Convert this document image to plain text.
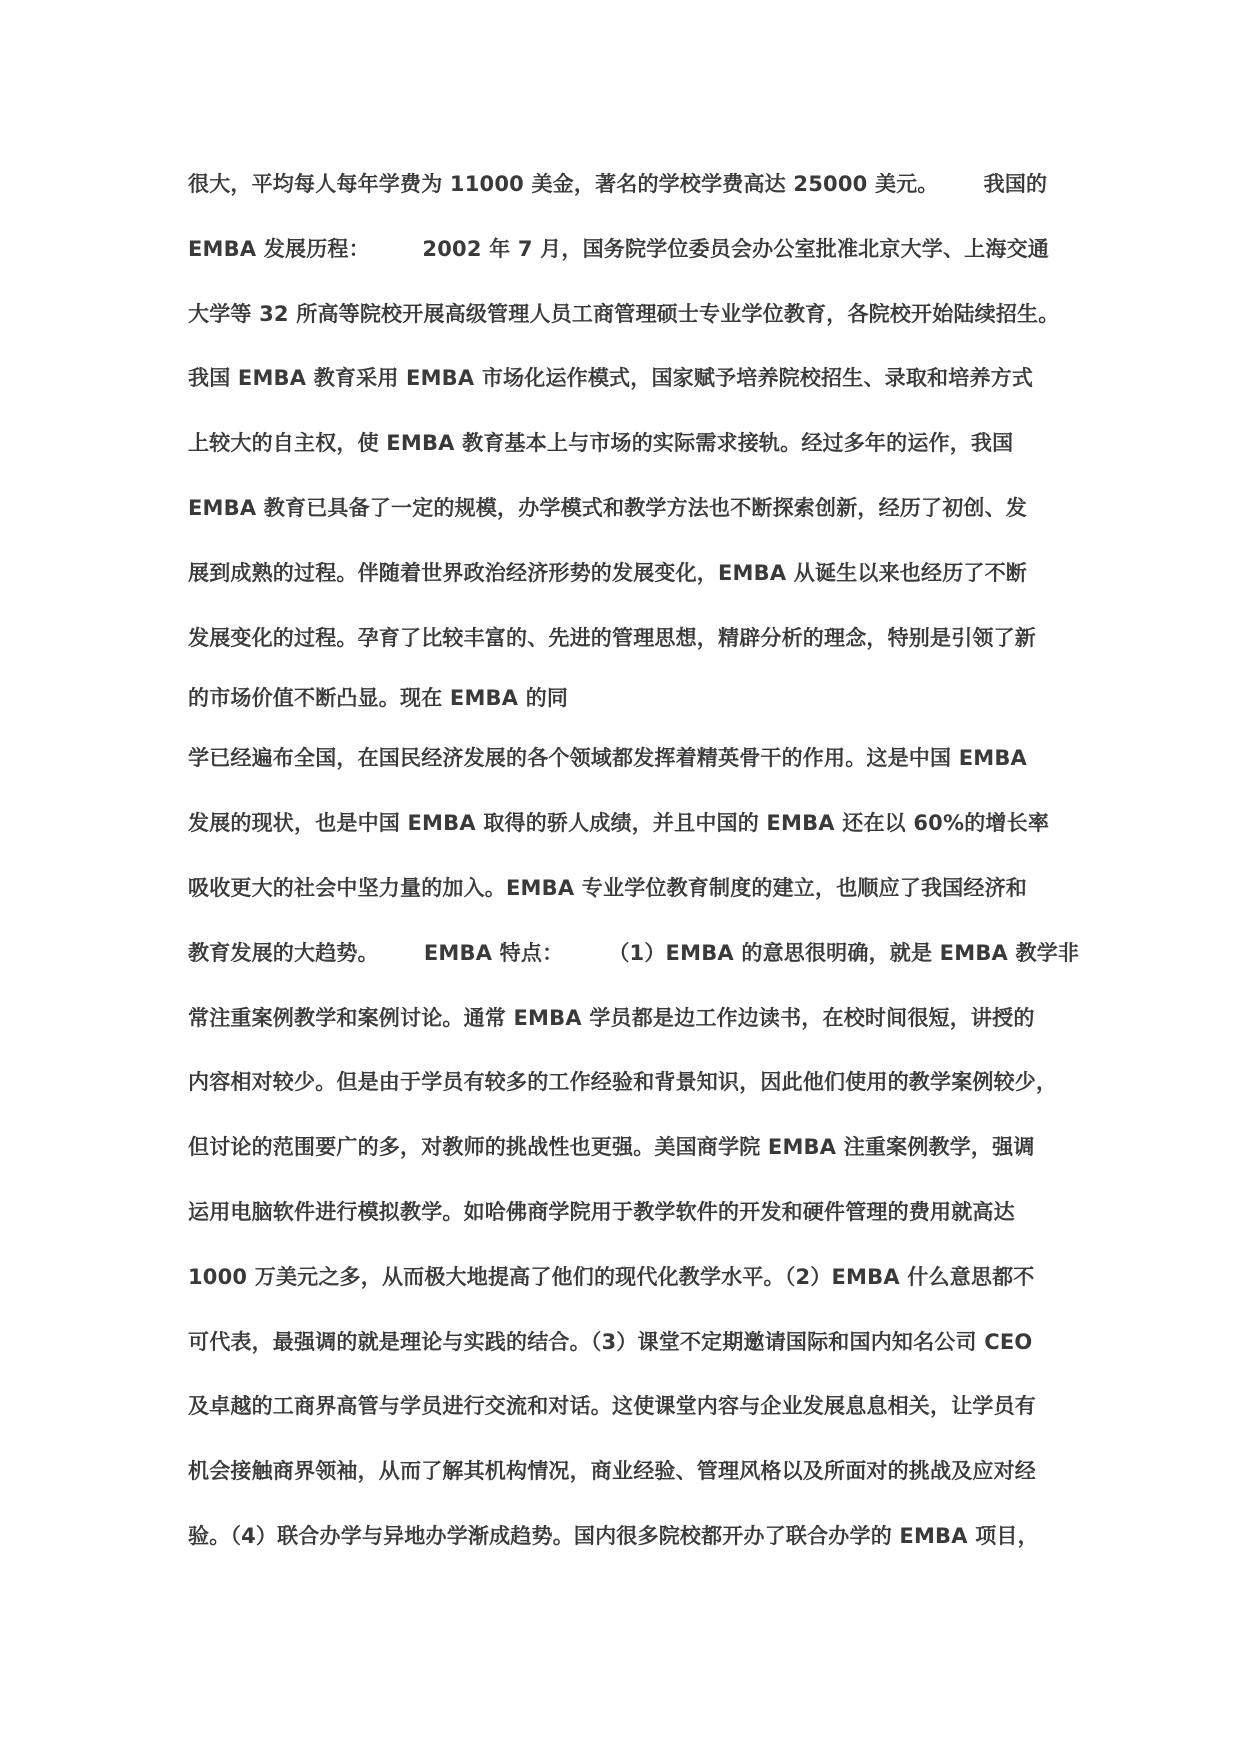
很大，平均每人每年学费为 11000 美金，著名的学校学费高达 25000 美元。      我国的
EMBA 发展历程：       2002 年 7 月，国务院学位委员会办公室批准北京大学、上海交通
大学等 32 所高等院校开展高级管理人员工商管理硕士专业学位教育，各院校开始陆续招生。
我国 EMBA 教育采用 EMBA 市场化运作模式，国家赋予培养院校招生、录取和培养方式
上较大的自主权，使 EMBA 教育基本上与市场的实际需求接轨。经过多年的运作，我国
EMBA 教育已具备了一定的规模，办学模式和教学方法也不断探索创新，经历了初创、发
展到成熟的过程。伴随着世界政治经济形势的发展变化，EMBA 从诞生以来也经历了不断
发展变化的过程。孕育了比较丰富的、先进的管理思想，精辟分析的理念，特别是引领了新
的市场价值不断凸显。现在 EMBA 的同
学已经遍布全国，在国民经济发展的各个领域都发挥着精英骨干的作用。这是中国 EMBA
发展的现状，也是中国 EMBA 取得的骄人成绩，并且中国的 EMBA 还在以 60%的增长率
吸收更大的社会中坚力量的加入。EMBA 专业学位教育制度的建立，也顺应了我国经济和
教育发展的大趋势。      EMBA 特点：      （1）EMBA 的意思很明确，就是 EMBA 教学非
常注重案例教学和案例讨论。通常 EMBA 学员都是边工作边读书，在校时间很短，讲授的
内容相对较少。但是由于学员有较多的工作经验和背景知识，因此他们使用的教学案例较少，
但讨论的范围要广的多，对教师的挑战性也更强。美国商学院 EMBA 注重案例教学，强调
运用电脑软件进行模拟教学。如哈佛商学院用于教学软件的开发和硬件管理的费用就高达
1000 万美元之多，从而极大地提高了他们的现代化教学水平。（2）EMBA 什么意思都不
可代表，最强调的就是理论与实践的结合。（3）课堂不定期邀请国际和国内知名公司 CEO
及卓越的工商界高管与学员进行交流和对话。这使课堂内容与企业发展息息相关，让学员有
机会接触商界领袖，从而了解其机构情况，商业经验、管理风格以及所面对的挑战及应对经
验。（4）联合办学与异地办学渐成趋势。国内很多院校都开办了联合办学的 EMBA 项目，
